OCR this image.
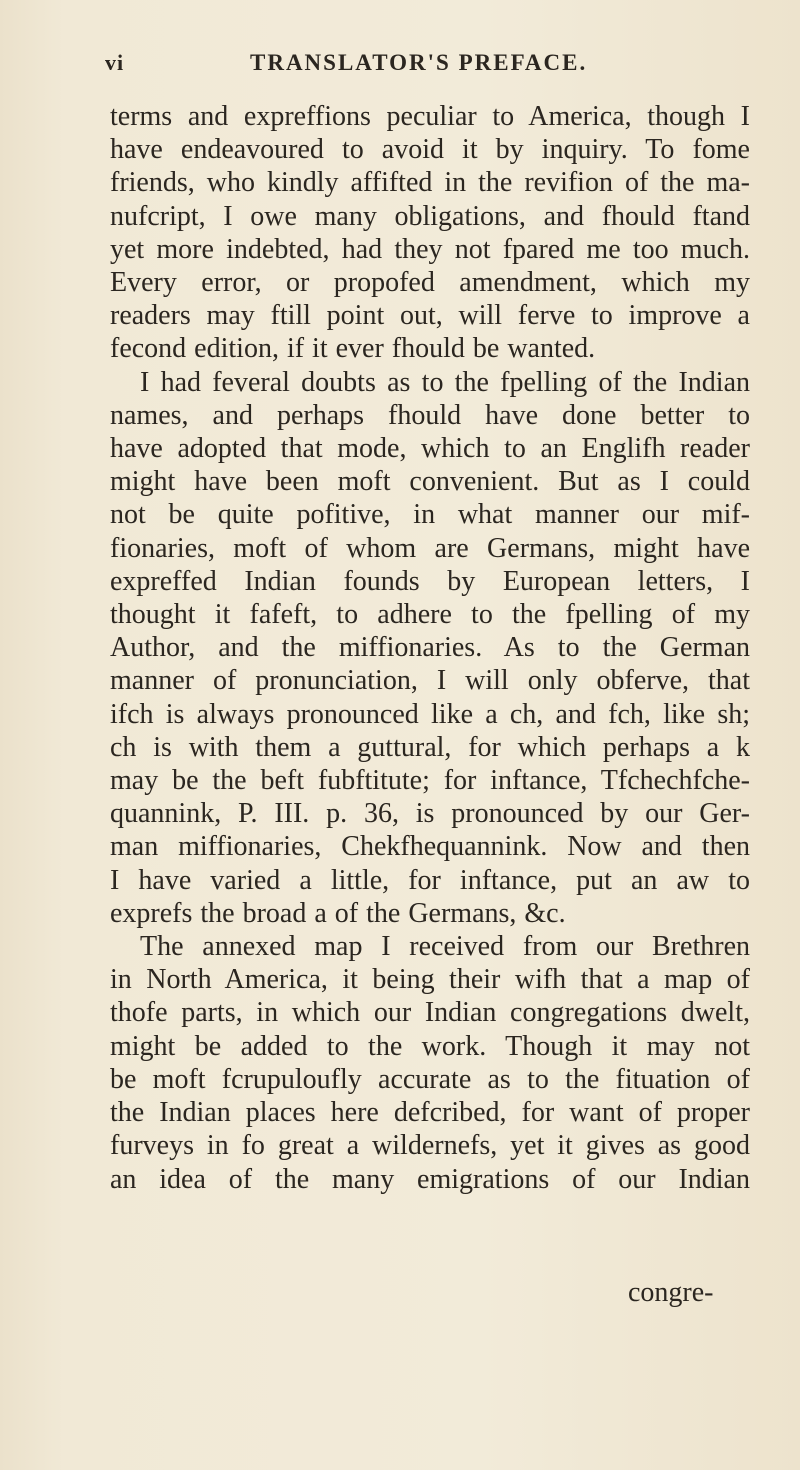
vi	TRANSLATOR'S PREFACE.
terms and expreffions peculiar to America, though I
have endeavoured to avoid it by inquiry. To fome
friends, who kindly affifted in the revifion of the ma-
nufcript, I owe many obligations, and fhould ftand
yet more indebted, had they not fpared me too much.
Every error, or propofed amendment, which my
readers may ftill point out, will ferve to improve a
fecond edition, if it ever fhould be wanted.
I had feveral doubts as to the fpelling of the Indian
names, and perhaps fhould have done better to
have adopted that mode, which to an Englifh reader
might have been moft convenient. But as I could
not be quite pofitive, in what manner our mif-
fionaries, moft of whom are Germans, might have
expreffed Indian founds by European letters, I
thought it fafeft, to adhere to the fpelling of my
Author, and the miffionaries. As to the German
manner of pronunciation, I will only obferve, that
ifch is always pronounced like a ch, and fch, like sh;
ch is with them a guttural, for which perhaps a k
may be the beft fubftitute; for inftance, Tfchechfche-
quannink, P. III. p. 36, is pronounced by our Ger-
man miffionaries, Chekfhequannink. Now and then
I have varied a little, for inftance, put an aw to
exprefs the broad a of the Germans, &c.
The annexed map I received from our Brethren
in North America, it being their wifh that a map of
thofe parts, in which our Indian congregations dwelt,
might be added to the work. Though it may not
be moft fcrupuloufly accurate as to the fituation of
the Indian places here defcribed, for want of proper
furveys in fo great a wildernefs, yet it gives as good
an idea of the many emigrations of our Indian
congre-
